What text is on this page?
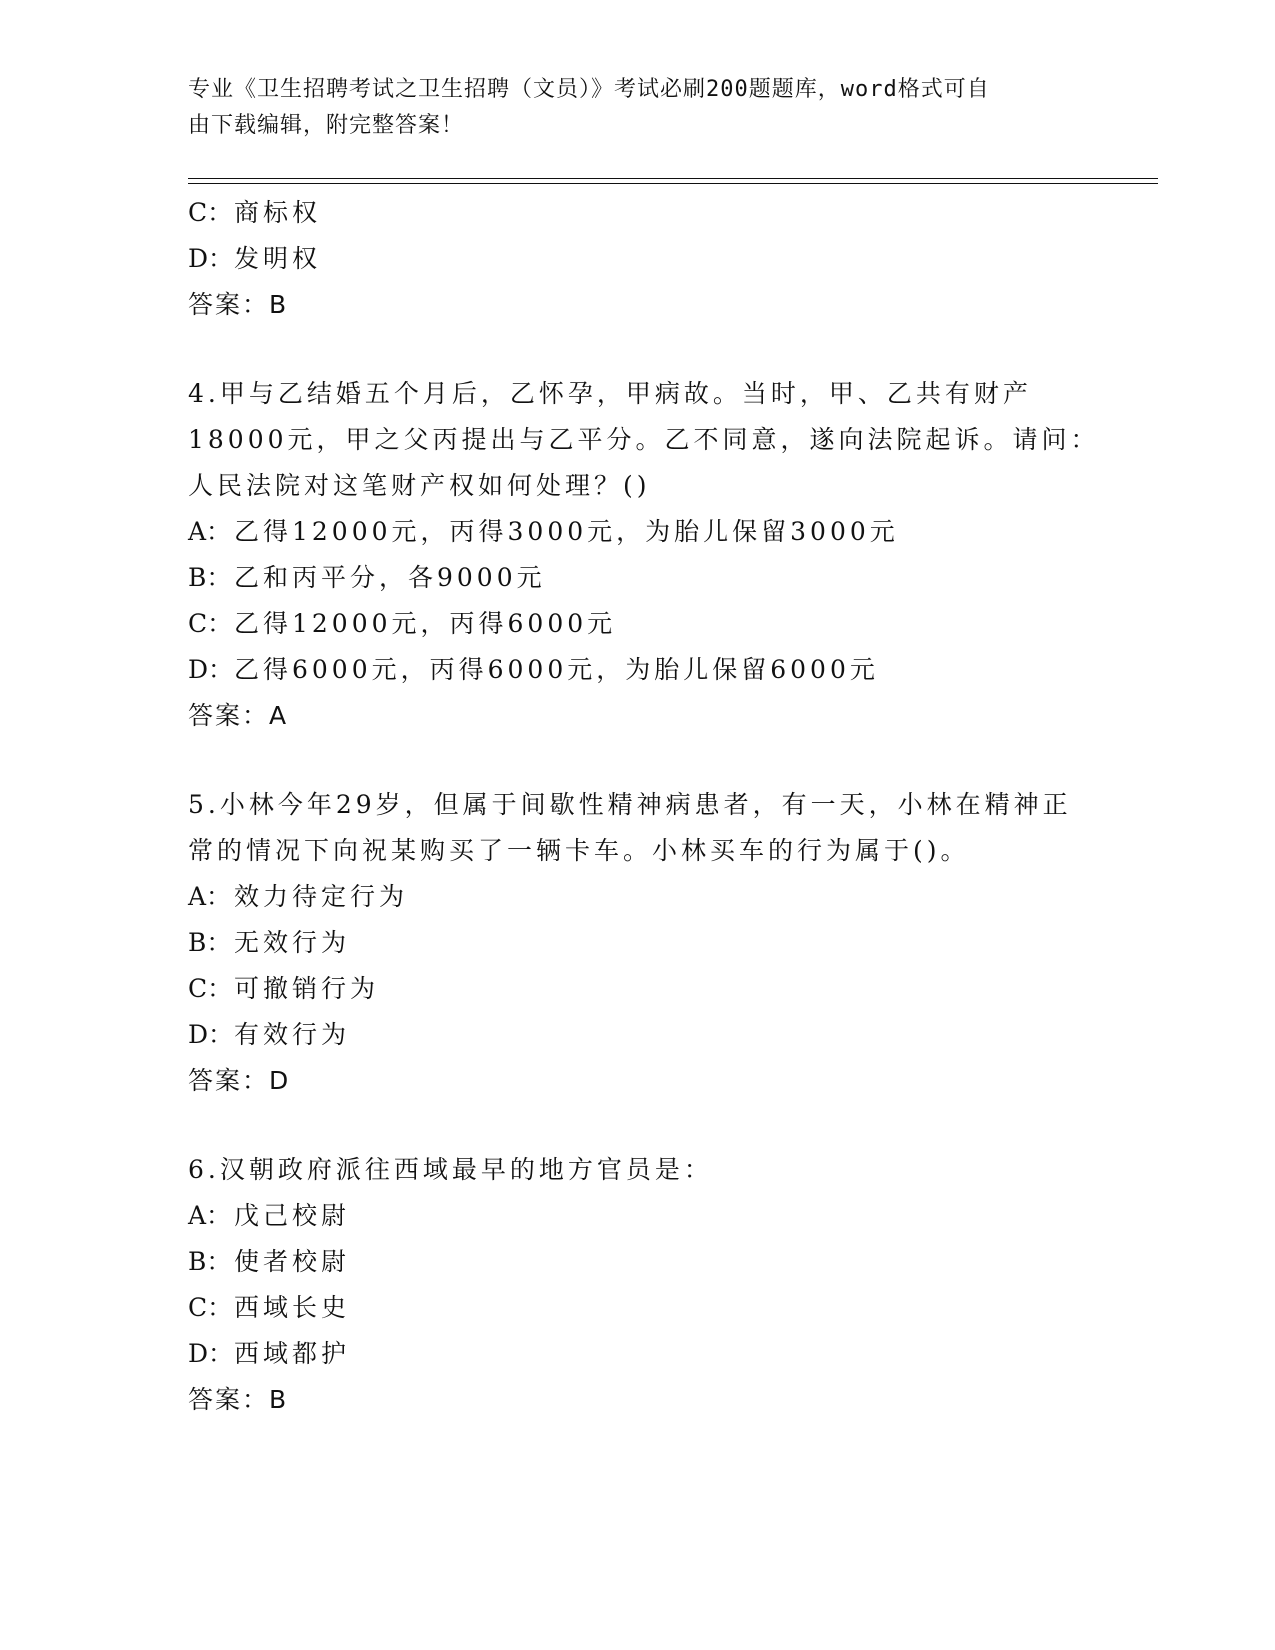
专业《卫生招聘考试之卫生招聘（文员）》考试必刷200题题库，word格式可自
由下载编辑，附完整答案！
C：商标权
D：发明权
答案：B
4.甲与乙结婚五个月后，乙怀孕，甲病故。当时，甲、乙共有财产
18000元，甲之父丙提出与乙平分。乙不同意，遂向法院起诉。请问：
人民法院对这笔财产权如何处理？()
A： 乙得12000元，丙得3000元，为胎儿保留3000元
B： 乙和丙平分，各9000元
C：乙得12000元，丙得6000元
D：乙得6000元，丙得6000元，为胎儿保留6000元
答案：A
5.小林今年29岁，但属于间歇性精神病患者，有一天，小林在精神正
常的情况下向祝某购买了一辆卡车。小林买车的行为属于()。
A： 效力待定行为
B： 无效行为
C：可撤销行为
D：有效行为
答案：D
6.汉朝政府派往西域最早的地方官员是：
A： 戊己校尉
B： 使者校尉
C：西域长史
D：西域都护
答案：B
